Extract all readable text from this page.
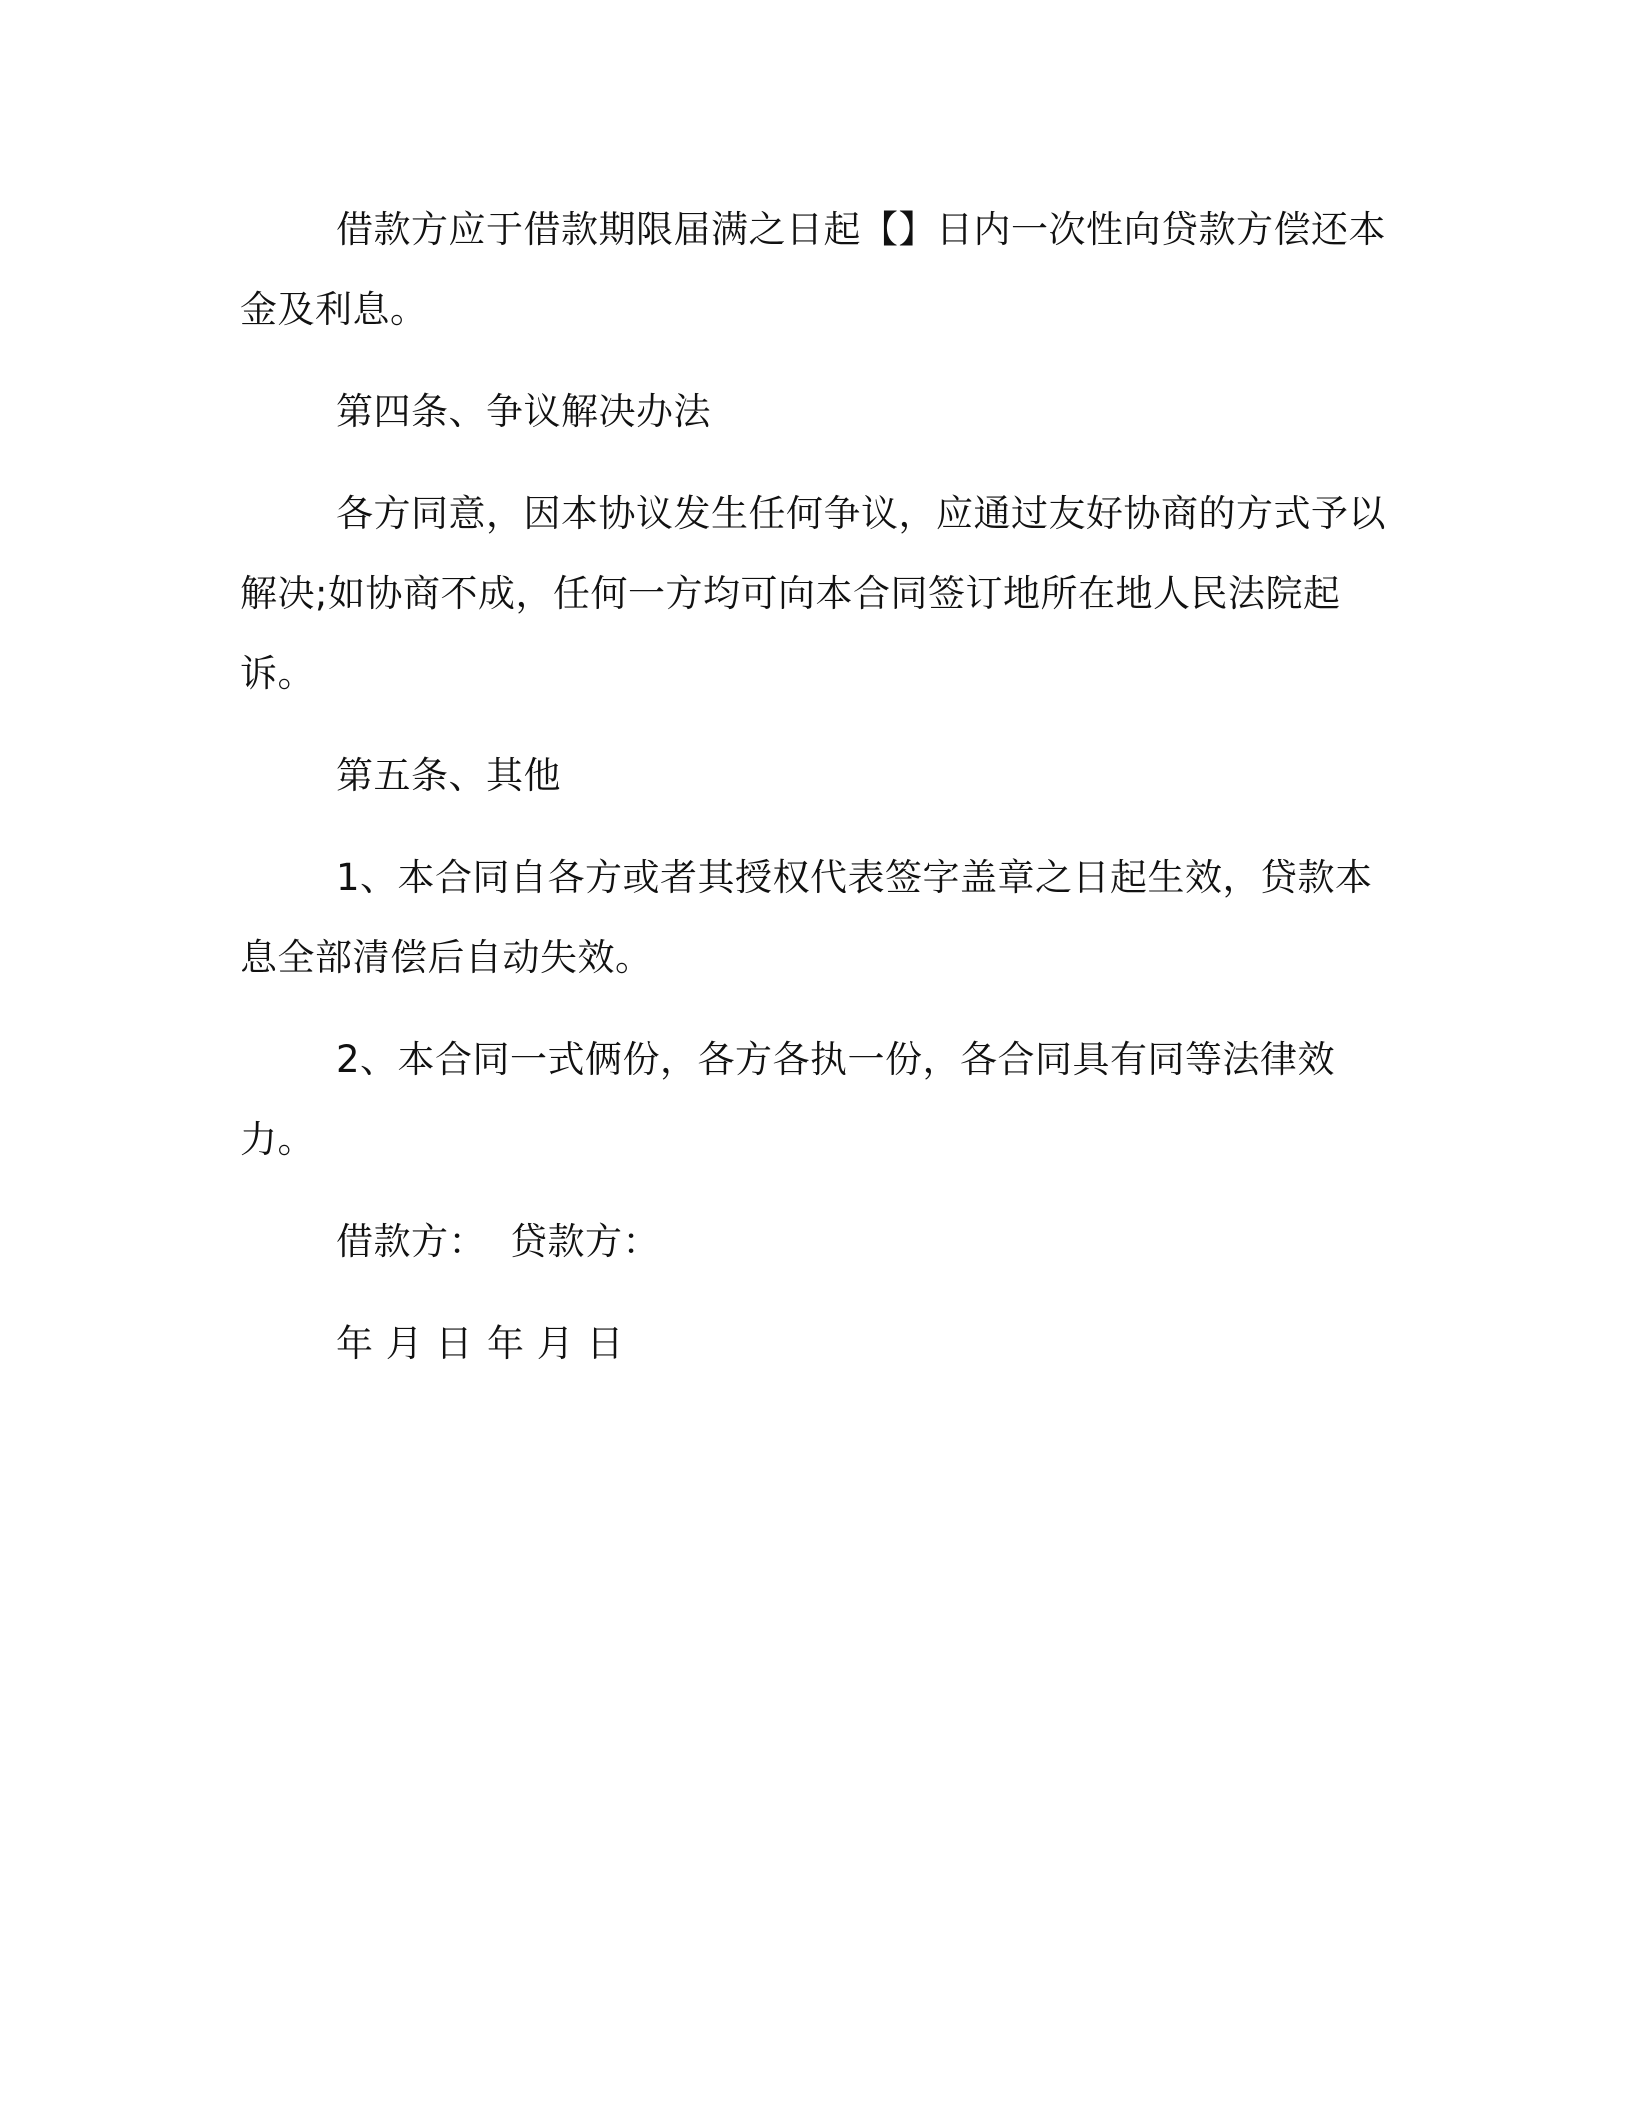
借款方应于借款期限届满之日起【】日内一次性向贷款方偿还本金及利息。

第四条、争议解决办法

各方同意，因本协议发生任何争议，应通过友好协商的方式予以解决;如协商不成，任何一方均可向本合同签订地所在地人民法院起诉。

第五条、其他

1、本合同自各方或者其授权代表签字盖章之日起生效，贷款本息全部清偿后自动失效。

2、本合同一式俩份，各方各执一份，各合同具有同等法律效力。

借款方： 贷款方：

年 月 日 年 月 日
